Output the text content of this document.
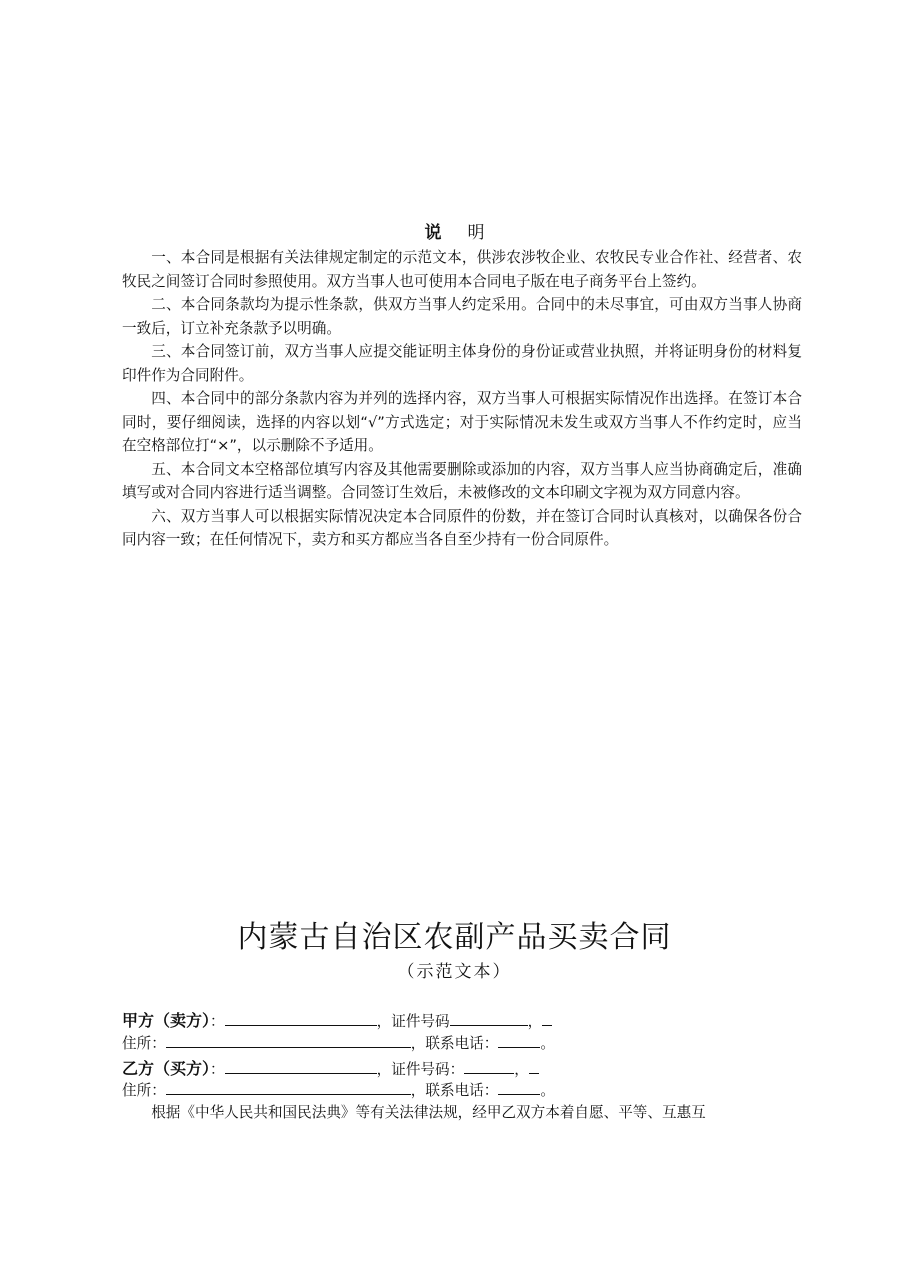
说 明

一、本合同是根据有关法律规定制定的示范文本，供涉农涉牧企业、农牧民专业合作社、经营者、农牧民之间签订合同时参照使用。双方当事人也可使用本合同电子版在电子商务平台上签约。

二、本合同条款均为提示性条款，供双方当事人约定采用。合同中的未尽事宜，可由双方当事人协商一致后，订立补充条款予以明确。

三、本合同签订前，双方当事人应提交能证明主体身份的身份证或营业执照，并将证明身份的材料复印件作为合同附件。

四、本合同中的部分条款内容为并列的选择内容，双方当事人可根据实际情况作出选择。在签订本合同时，要仔细阅读，选择的内容以划“√”方式选定；对于实际情况未发生或双方当事人不作约定时，应当在空格部位打“×”，以示删除不予适用。

五、本合同文本空格部位填写内容及其他需要删除或添加的内容，双方当事人应当协商确定后，准确填写或对合同内容进行适当调整。合同签订生效后，未被修改的文本印刷文字视为双方同意内容。

六、双方当事人可以根据实际情况决定本合同原件的份数，并在签订合同时认真核对，以确保各份合同内容一致；在任何情况下，卖方和买方都应当各自至少持有一份合同原件。

内蒙古自治区农副产品买卖合同
（示范文本）
甲方（卖方）：	，证件号码	，
住所：	，联系电话：	。
乙方（买方）：	，证件号码：	，
住所：	，联系电话：	。
根据《中华人民共和国民法典》等有关法律法规，经甲乙双方本着自愿、平等、互惠互
